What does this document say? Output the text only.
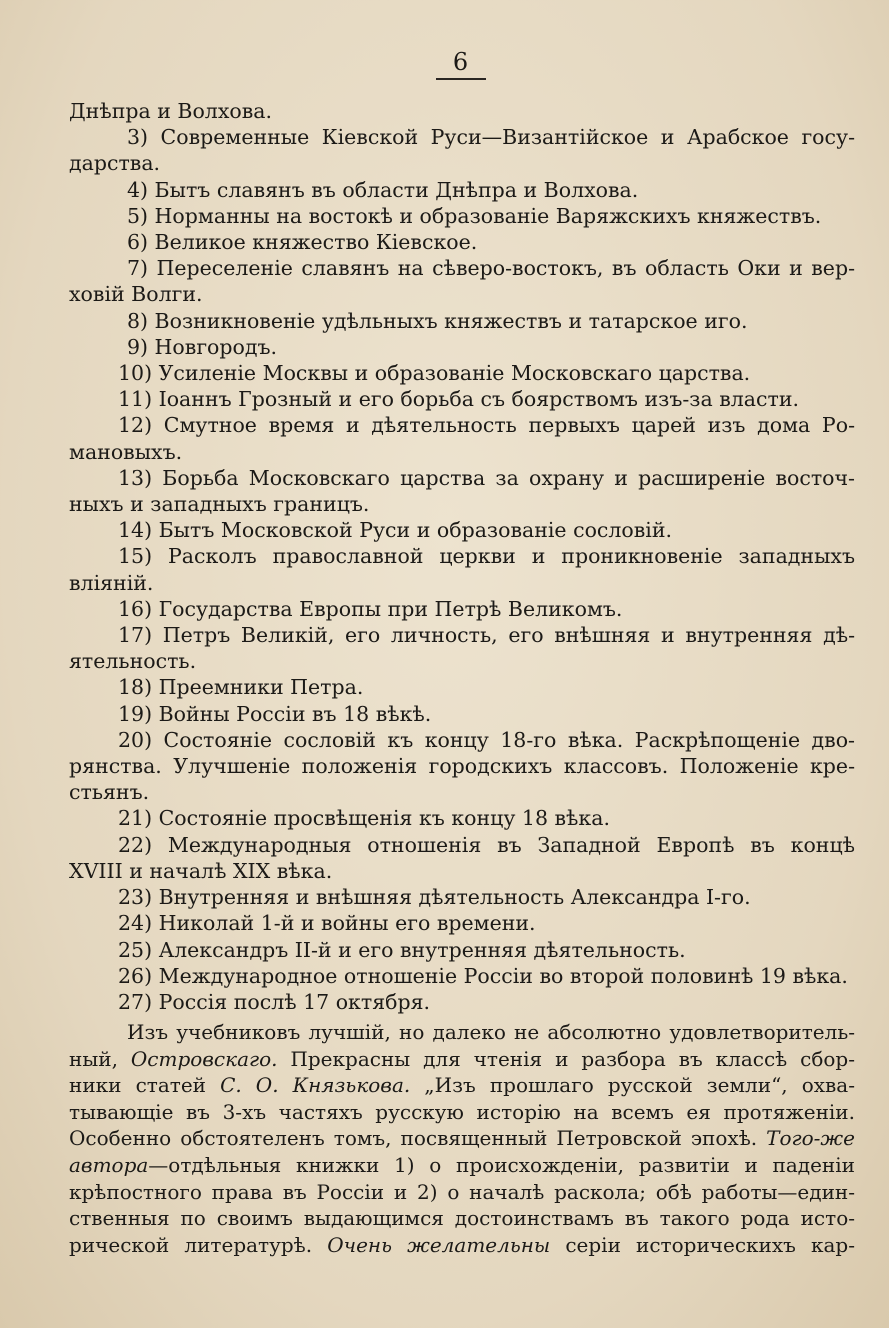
6
Днѣпра и Волхова.
3) Современные Кіевской Руси—Византійское и Арабское госу-
дарства.
4) Бытъ славянъ въ области Днѣпра и Волхова.
5) Норманны на востокѣ и образованіе Варяжскихъ княжествъ.
6) Великое княжество Кіевское.
7) Переселеніе славянъ на сѣверо-востокъ, въ область Оки и вер-
ховій Волги.
8) Возникновеніе удѣльныхъ княжествъ и татарское иго.
9) Новгородъ.
10) Усиленіе Москвы и образованіе Московскаго царства.
11) Іоаннъ Грозный и его борьба съ боярствомъ изъ-за власти.
12) Смутное время и дѣятельность первыхъ царей изъ дома Ро-
мановыхъ.
13) Борьба Московскаго царства за охрану и расширеніе восточ-
ныхъ и западныхъ границъ.
14) Бытъ Московской Руси и образованіе сословій.
15) Расколъ православной церкви и проникновеніе западныхъ
вліяній.
16) Государства Европы при Петрѣ Великомъ.
17) Петръ Великій, его личность, его внѣшняя и внутренняя дѣ-
ятельность.
18) Преемники Петра.
19) Войны Россіи въ 18 вѣкѣ.
20) Состояніе сословій къ концу 18-го вѣка. Раскрѣпощеніе дво-
рянства. Улучшеніе положенія городскихъ классовъ. Положеніе кре-
стьянъ.
21) Состояніе просвѣщенія къ концу 18 вѣка.
22) Международныя отношенія въ Западной Европѣ въ концѣ
XVIII и началѣ XIX вѣка.
23) Внутренняя и внѣшняя дѣятельность Александра I-го.
24) Николай 1-й и войны его времени.
25) Александръ II-й и его внутренняя дѣятельность.
26) Международное отношеніе Россіи во второй половинѣ 19 вѣка.
27) Россія послѣ 17 октября.
Изъ учебниковъ лучшій, но далеко не абсолютно удовлетворитель-
ный, Островскаго. Прекрасны для чтенія и разбора въ классѣ сбор-
ники статей С. О. Князькова. „Изъ прошлаго русской земли“, охва-
тывающіе въ 3-хъ частяхъ русскую исторію на всемъ ея протяженіи.
Особенно обстоятеленъ томъ, посвященный Петровской эпохѣ. Того-же
автора—отдѣльныя книжки 1) о происхожденіи, развитіи и паденіи
крѣпостного права въ Россіи и 2) о началѣ раскола; обѣ работы—един-
ственныя по своимъ выдающимся достоинствамъ въ такого рода исто-
рической литературѣ. Очень желательны серіи историческихъ кар-
